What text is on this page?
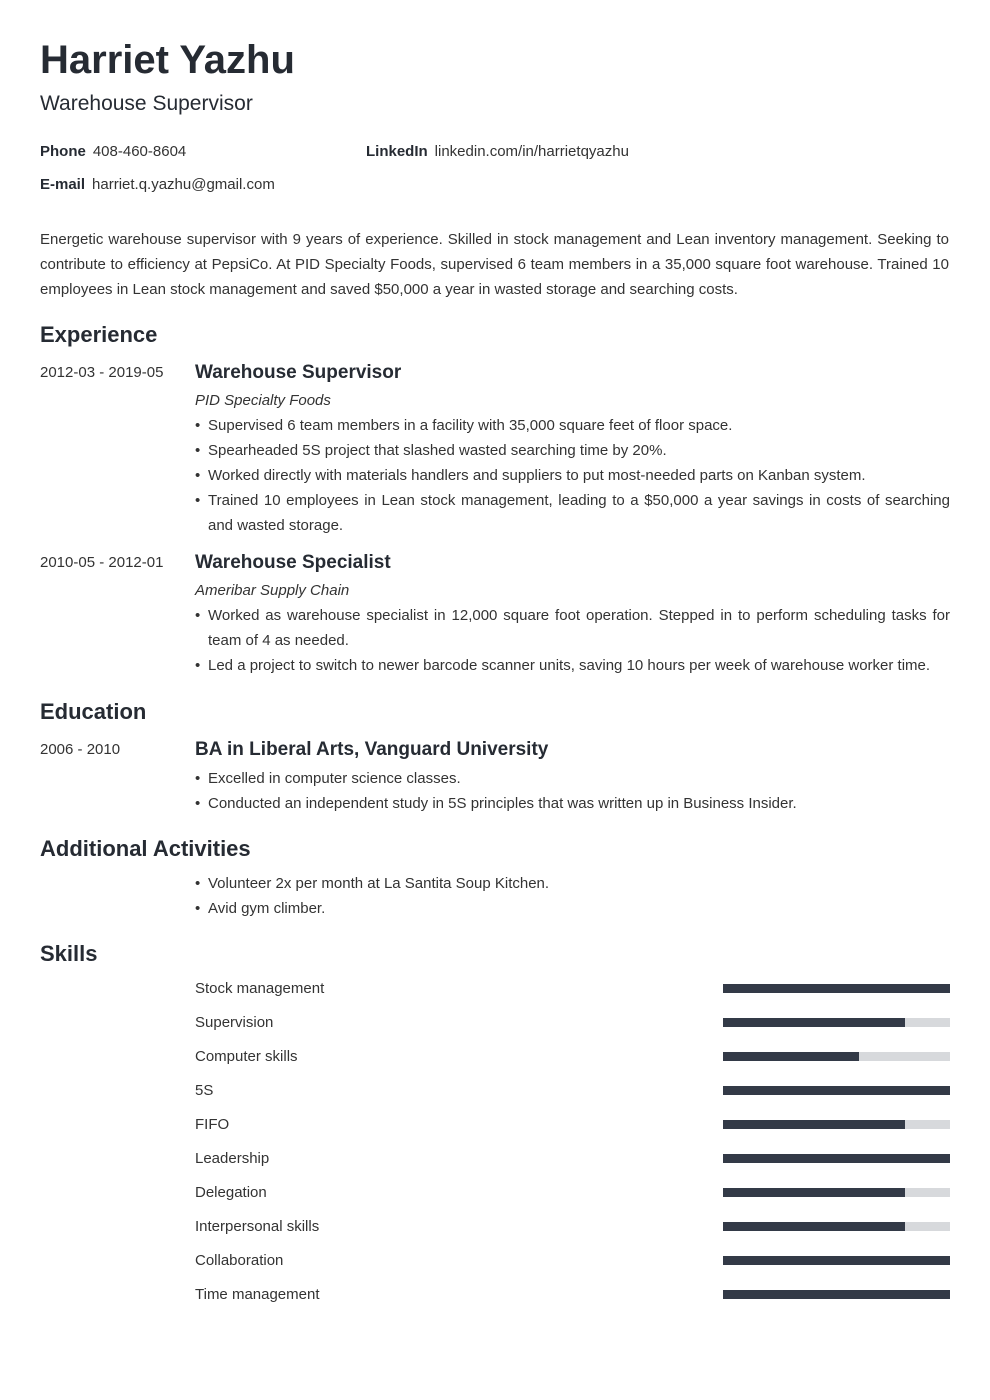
Harriet Yazhu
Warehouse Supervisor
Phone 408-460-8604	LinkedIn linkedin.com/in/harrietqyazhu
E-mail harriet.q.yazhu@gmail.com
Energetic warehouse supervisor with 9 years of experience. Skilled in stock management and Lean inventory management. Seeking to contribute to efficiency at PepsiCo. At PID Specialty Foods, supervised 6 team members in a 35,000 square foot warehouse. Trained 10 employees in Lean stock management and saved $50,000 a year in wasted storage and searching costs.
Experience
2012-03 - 2019-05 Warehouse Supervisor
PID Specialty Foods
• Supervised 6 team members in a facility with 35,000 square feet of floor space.
• Spearheaded 5S project that slashed wasted searching time by 20%.
• Worked directly with materials handlers and suppliers to put most-needed parts on Kanban system.
• Trained 10 employees in Lean stock management, leading to a $50,000 a year savings in costs of searching and wasted storage.
2010-05 - 2012-01 Warehouse Specialist
Ameribar Supply Chain
• Worked as warehouse specialist in 12,000 square foot operation. Stepped in to perform scheduling tasks for team of 4 as needed.
• Led a project to switch to newer barcode scanner units, saving 10 hours per week of warehouse worker time.
Education
2006 - 2010	BA in Liberal Arts, Vanguard University
• Excelled in computer science classes.
• Conducted an independent study in 5S principles that was written up in Business Insider.
Additional Activities
• Volunteer 2x per month at La Santita Soup Kitchen.
• Avid gym climber.
Skills
Stock management
Supervision
Computer skills
5S
FIFO
Leadership
Delegation
Interpersonal skills
Collaboration
Time management
